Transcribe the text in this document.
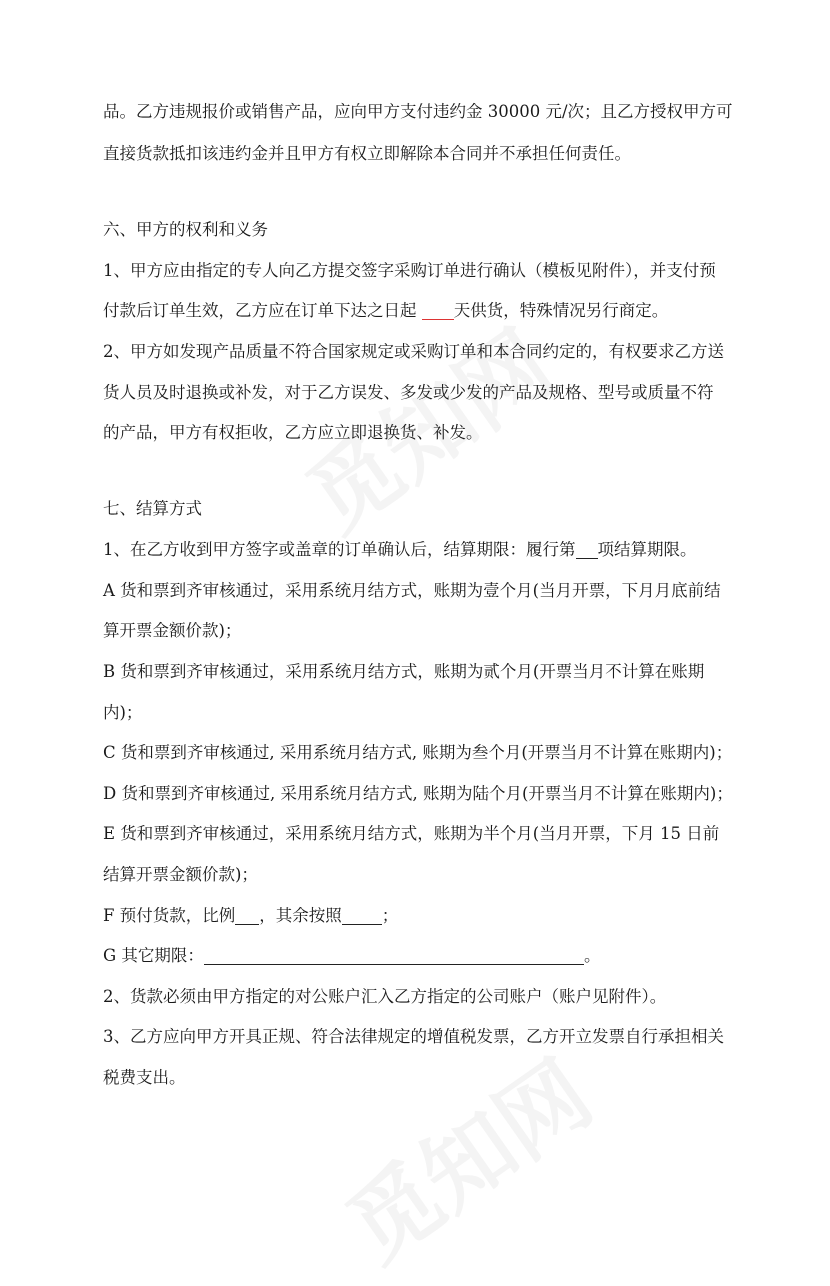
品。乙方违规报价或销售产品，应向甲方支付违约金 30000 元/次；且乙方授权甲方可
直接货款抵扣该违约金并且甲方有权立即解除本合同并不承担任何责任。
六、甲方的权利和义务
1、甲方应由指定的专人向乙方提交签字采购订单进行确认（模板见附件），并支付预
付款后订单生效，乙方应在订单下达之日起 天供货，特殊情况另行商定。
2、甲方如发现产品质量不符合国家规定或采购订单和本合同约定的，有权要求乙方送
货人员及时退换或补发，对于乙方误发、多发或少发的产品及规格、型号或质量不符
的产品，甲方有权拒收，乙方应立即退换货、补发。
七、结算方式
1、在乙方收到甲方签字或盖章的订单确认后，结算期限：履行第 项结算期限。
A 货和票到齐审核通过，采用系统月结方式，账期为壹个月(当月开票，下月月底前结
算开票金额价款)；
B 货和票到齐审核通过，采用系统月结方式，账期为贰个月(开票当月不计算在账期
内)；
C 货和票到齐审核通过, 采用系统月结方式, 账期为叁个月(开票当月不计算在账期内)；
D 货和票到齐审核通过, 采用系统月结方式, 账期为陆个月(开票当月不计算在账期内)；
E 货和票到齐审核通过，采用系统月结方式，账期为半个月(当月开票，下月 15 日前
结算开票金额价款)；
F 预付货款，比例 ，其余按照 ；
G 其它期限：	。
2、货款必须由甲方指定的对公账户汇入乙方指定的公司账户（账户见附件）。
3、乙方应向甲方开具正规、符合法律规定的增值税发票，乙方开立发票自行承担相关
税费支出。
